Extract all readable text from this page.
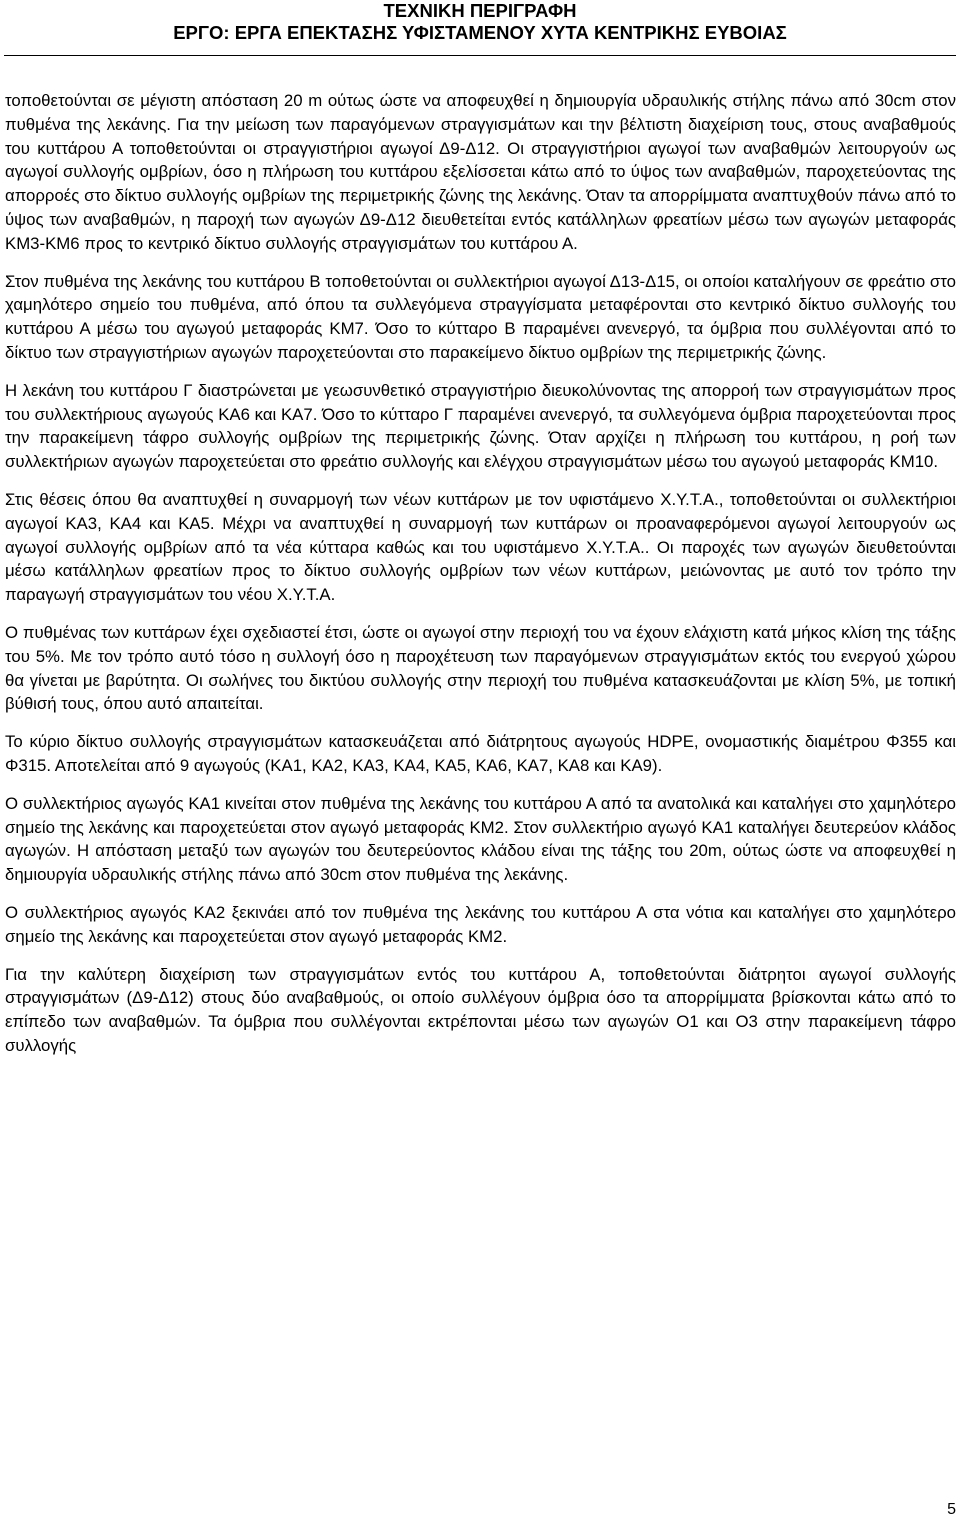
ΤΕΧΝΙΚΗ ΠΕΡΙΓΡΑΦΗ
ΕΡΓΟ: ΕΡΓΑ ΕΠΕΚΤΑΣΗΣ ΥΦΙΣΤΑΜΕΝΟΥ ΧΥΤΑ ΚΕΝΤΡΙΚΗΣ ΕΥΒΟΙΑΣ

τοποθετούνται σε μέγιστη απόσταση 20 m ούτως ώστε να αποφευχθεί η δημιουργία υδραυλικής στήλης πάνω από 30cm στον πυθμένα της λεκάνης. Για την μείωση των παραγόμενων στραγγισμάτων και την βέλτιστη διαχείριση τους, στους αναβαθμούς του κυττάρου Α τοποθετούνται οι στραγγιστήριοι αγωγοί Δ9-Δ12. Οι στραγγιστήριοι αγωγοί των αναβαθμών λειτουργούν ως αγωγοί συλλογής ομβρίων, όσο η πλήρωση του κυττάρου εξελίσσεται κάτω από το ύψος των αναβαθμών, παροχετεύοντας της απορροές στο δίκτυο συλλογής ομβρίων της περιμετρικής ζώνης της λεκάνης. Όταν τα απορρίμματα αναπτυχθούν πάνω από το ύψος των αναβαθμών, η παροχή των αγωγών Δ9-Δ12 διευθετείται εντός κατάλληλων φρεατίων μέσω των αγωγών μεταφοράς ΚΜ3-ΚΜ6 προς το κεντρικό δίκτυο συλλογής στραγγισμάτων του κυττάρου Α.

Στον πυθμένα της λεκάνης του κυττάρου Β τοποθετούνται οι συλλεκτήριοι αγωγοί Δ13-Δ15, οι οποίοι καταλήγουν σε φρεάτιο στο χαμηλότερο σημείο του πυθμένα, από όπου τα συλλεγόμενα στραγγίσματα μεταφέρονται στο κεντρικό δίκτυο συλλογής του κυττάρου Α μέσω του αγωγού μεταφοράς ΚΜ7. Όσο το κύτταρο Β παραμένει ανενεργό, τα όμβρια που συλλέγονται από το δίκτυο των στραγγιστήριων αγωγών παροχετεύονται στο παρακείμενο δίκτυο ομβρίων της περιμετρικής ζώνης.

Η λεκάνη του κυττάρου Γ διαστρώνεται με γεωσυνθετικό στραγγιστήριο διευκολύνοντας της απορροή των στραγγισμάτων προς του συλλεκτήριους αγωγούς ΚΑ6 και ΚΑ7. Όσο το κύτταρο Γ παραμένει ανενεργό, τα συλλεγόμενα όμβρια παροχετεύονται προς την παρακείμενη τάφρο συλλογής ομβρίων της περιμετρικής ζώνης. Όταν αρχίζει η πλήρωση του κυττάρου, η ροή των συλλεκτήριων αγωγών παροχετεύεται στο φρεάτιο συλλογής και ελέγχου στραγγισμάτων μέσω του αγωγού μεταφοράς ΚΜ10.

Στις θέσεις όπου θα αναπτυχθεί η συναρμογή των νέων κυττάρων με τον υφιστάμενο Χ.Υ.Τ.Α., τοποθετούνται οι συλλεκτήριοι αγωγοί ΚΑ3, ΚΑ4 και ΚΑ5. Μέχρι να αναπτυχθεί η συναρμογή των κυττάρων οι προαναφερόμενοι αγωγοί λειτουργούν ως αγωγοί συλλογής ομβρίων από τα νέα κύτταρα καθώς και του υφιστάμενο Χ.Υ.Τ.Α.. Οι παροχές των αγωγών διευθετούνται μέσω κατάλληλων φρεατίων προς το δίκτυο συλλογής ομβρίων των νέων κυττάρων, μειώνοντας με αυτό τον τρόπο την παραγωγή στραγγισμάτων του νέου Χ.Υ.Τ.Α.

Ο πυθμένας των κυττάρων έχει σχεδιαστεί έτσι, ώστε οι αγωγοί στην περιοχή του να έχουν ελάχιστη κατά μήκος κλίση της τάξης του 5%. Με τον τρόπο αυτό τόσο η συλλογή όσο η παροχέτευση των παραγόμενων στραγγισμάτων εκτός του ενεργού χώρου θα γίνεται με βαρύτητα. Οι σωλήνες του δικτύου συλλογής στην περιοχή του πυθμένα κατασκευάζονται με κλίση 5%, με τοπική βύθισή τους, όπου αυτό απαιτείται.

Το κύριο δίκτυο συλλογής στραγγισμάτων κατασκευάζεται από διάτρητους αγωγούς HDPE, ονομαστικής διαμέτρου Φ355 και Φ315. Αποτελείται από 9 αγωγούς (ΚΑ1, ΚΑ2, ΚΑ3, ΚΑ4, ΚΑ5, ΚΑ6, ΚΑ7, ΚΑ8 και ΚΑ9).

Ο συλλεκτήριος αγωγός ΚΑ1 κινείται στον πυθμένα της λεκάνης του κυττάρου Α από τα ανατολικά και καταλήγει στο χαμηλότερο σημείο της λεκάνης και παροχετεύεται στον αγωγό μεταφοράς ΚΜ2. Στον συλλεκτήριο αγωγό ΚΑ1 καταλήγει δευτερεύον κλάδος αγωγών. Η απόσταση μεταξύ των αγωγών του δευτερεύοντος κλάδου είναι της τάξης του 20m, ούτως ώστε να αποφευχθεί η δημιουργία υδραυλικής στήλης πάνω από 30cm στον πυθμένα της λεκάνης.

Ο συλλεκτήριος αγωγός ΚΑ2 ξεκινάει από τον πυθμένα της λεκάνης του κυττάρου Α στα νότια και καταλήγει στο χαμηλότερο σημείο της λεκάνης και παροχετεύεται στον αγωγό μεταφοράς ΚΜ2.

Για την καλύτερη διαχείριση των στραγγισμάτων εντός του κυττάρου Α, τοποθετούνται διάτρητοι αγωγοί συλλογής στραγγισμάτων (Δ9-Δ12) στους δύο αναβαθμούς, οι οποίο συλλέγουν όμβρια όσο τα απορρίμματα βρίσκονται κάτω από το επίπεδο των αναβαθμών. Τα όμβρια που συλλέγονται εκτρέπονται μέσω των αγωγών Ο1 και Ο3 στην παρακείμενη τάφρο συλλογής

5
